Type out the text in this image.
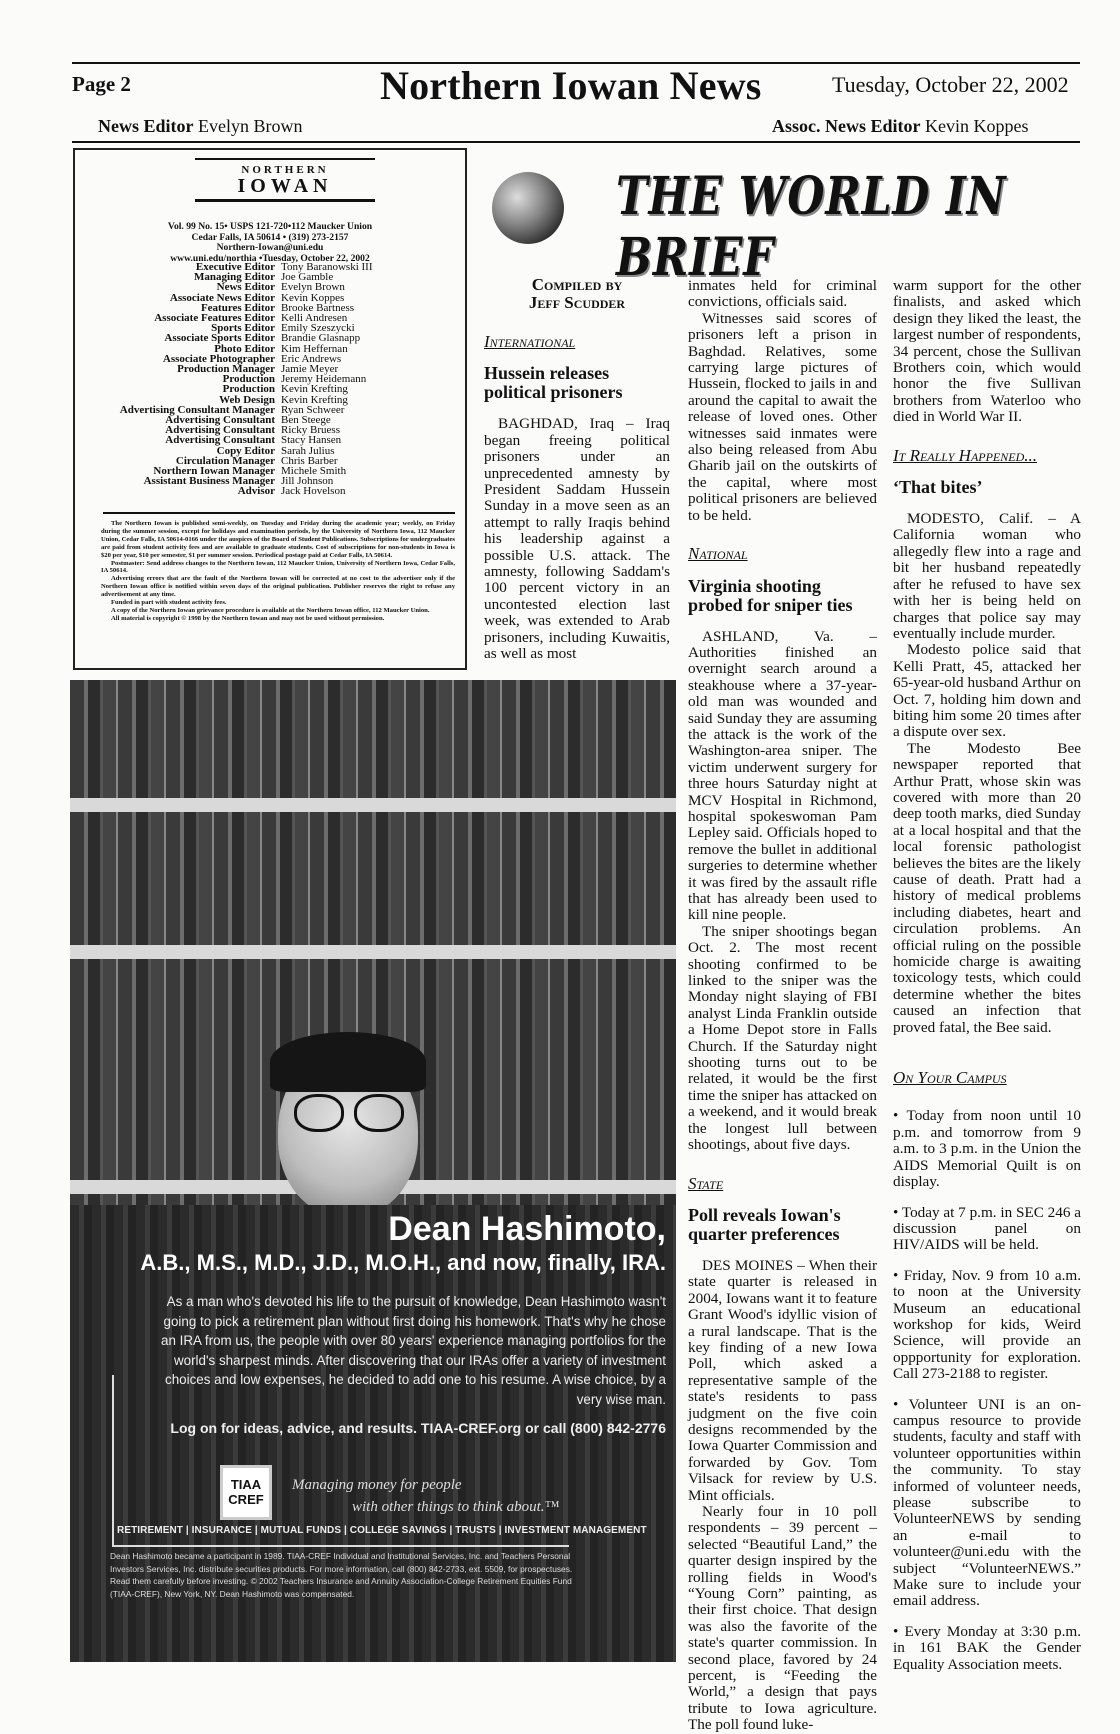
Page 2	Northern Iowan News	Tuesday, October 22, 2002
News Editor Evelyn Brown	Assoc. News Editor Kevin Koppes
NORTHERN
IOWAN
Vol. 99 No. 15• USPS 121-720•112 Maucker Union
Cedar Falls, IA 50614 • (319) 273-2157
Northern-Iowan@uni.edu
www.uni.edu/northia •Tuesday, October 22, 2002
Executive Editor Tony Baranowski III
Managing Editor Joe Gamble
News Editor Evelyn Brown
Associate News Editor Kevin Koppes
Features Editor Brooke Bartness
Associate Features Editor Kelli Andresen
Sports Editor Emily Szeszycki
Associate Sports Editor Brandie Glasnapp
Photo Editor Kim Heffernan
Associate Photographer Eric Andrews
Production Manager Jamie Meyer
Production Jeremy Heidemann
Production Kevin Krefting
Web Design Kevin Krefting
Advertising Consultant Manager Ryan Schweer
Advertising Consultant Ben Steege
Advertising Consultant Ricky Bruess
Advertising Consultant Stacy Hansen
Copy Editor Sarah Julius
Circulation Manager Chris Barber
Northern Iowan Manager Michele Smith
Assistant Business Manager Jill Johnson
Advisor Jack Hovelson

The Northern Iowan is published semi-weekly, on Tuesday and Friday during the academic year; weekly, on Friday during the summer session, except for holidays and examination periods, by the University of Northern Iowa, 112 Maucker Union, Cedar Falls, IA 50614-0166 under the auspices of the Board of Student Publications. Subscriptions for undergraduates are paid from student activity fees and are available to graduate students. Cost of subscriptions for non-students in Iowa is $20 per year, $10 per semester, $1 per summer session. Periodical postage paid at Cedar Falls, IA 50614.

Postmaster: Send address changes to the Northern Iowan, 112 Maucker Union, University of Northern Iowa, Cedar Falls, IA 50614.

Advertising errors that are the fault of the Northern Iowan will be corrected at no cost to the advertiser only if the Northern Iowan office is notified within seven days of the original publication. Publisher reserves the right to refuse any advertisement at any time.

Funded in part with student activity fees.

A copy of the Northern Iowan grievance procedure is available at the Northern Iowan office, 112 Maucker Union.

All material is copyright © 1998 by the Northern Iowan and may not be used without permission.

THE WORLD IN BRIEF
Compiled by
Jeff Scudder
International
Hussein releases political prisoners

BAGHDAD, Iraq – Iraq began freeing political prisoners under an unprecedented amnesty by President Saddam Hussein Sunday in a move seen as an attempt to rally Iraqis behind his leadership against a possible U.S. attack. The amnesty, following Saddam's 100 percent victory in an uncontested election last week, was extended to Arab prisoners, including Kuwaitis, as well as most

inmates held for criminal convictions, officials said.

Witnesses said scores of prisoners left a prison in Baghdad. Relatives, some carrying large pictures of Hussein, flocked to jails in and around the capital to await the release of loved ones. Other witnesses said inmates were also being released from Abu Gharib jail on the outskirts of the capital, where most political prisoners are believed to be held.

National
Virginia shooting probed for sniper ties

ASHLAND, Va. – Authorities finished an overnight search around a steakhouse where a 37-year-old man was wounded and said Sunday they are assuming the attack is the work of the Washington-area sniper. The victim underwent surgery for three hours Saturday night at MCV Hospital in Richmond, hospital spokeswoman Pam Lepley said. Officials hoped to remove the bullet in additional surgeries to determine whether it was fired by the assault rifle that has already been used to kill nine people.

The sniper shootings began Oct. 2. The most recent shooting confirmed to be linked to the sniper was the Monday night slaying of FBI analyst Linda Franklin outside a Home Depot store in Falls Church. If the Saturday night shooting turns out to be related, it would be the first time the sniper has attacked on a weekend, and it would break the longest lull between shootings, about five days.

State
Poll reveals Iowan's quarter preferences

DES MOINES – When their state quarter is released in 2004, Iowans want it to feature Grant Wood's idyllic vision of a rural landscape. That is the key finding of a new Iowa Poll, which asked a representative sample of the state's residents to pass judgment on the five coin designs recommended by the Iowa Quarter Commission and forwarded by Gov. Tom Vilsack for review by U.S. Mint officials.

Nearly four in 10 poll respondents – 39 percent – selected “Beautiful Land,” the quarter design inspired by the rolling fields in Wood's “Young Corn” painting, as their first choice. That design was also the favorite of the state's quarter commission. In second place, favored by 24 percent, is “Feeding the World,” a design that pays tribute to Iowa agriculture. The poll found luke-

warm support for the other finalists, and asked which design they liked the least, the largest number of respondents, 34 percent, chose the Sullivan Brothers coin, which would honor the five Sullivan brothers from Waterloo who died in World War II.

It Really Happened...
‘That bites’

MODESTO, Calif. – A California woman who allegedly flew into a rage and bit her husband repeatedly after he refused to have sex with her is being held on charges that police say may eventually include murder.

Modesto police said that Kelli Pratt, 45, attacked her 65-year-old husband Arthur on Oct. 7, holding him down and biting him some 20 times after a dispute over sex.

The Modesto Bee newspaper reported that Arthur Pratt, whose skin was covered with more than 20 deep tooth marks, died Sunday at a local hospital and that the local forensic pathologist believes the bites are the likely cause of death. Pratt had a history of medical problems including diabetes, heart and circulation problems. An official ruling on the possible homicide charge is awaiting toxicology tests, which could determine whether the bites caused an infection that proved fatal, the Bee said.

On Your Campus

• Today from noon until 10 p.m. and tomorrow from 9 a.m. to 3 p.m. in the Union the AIDS Memorial Quilt is on display.

• Today at 7 p.m. in SEC 246 a discussion panel on HIV/AIDS will be held.

• Friday, Nov. 9 from 10 a.m. to noon at the University Museum an educational workshop for kids, Weird Science, will provide an oppportunity for exploration. Call 273-2188 to register.

• Volunteer UNI is an on-campus resource to provide students, faculty and staff with volunteer opportunities within the community. To stay informed of volunteer needs, please subscribe to VolunteerNEWS by sending an e-mail to volunteer@uni.edu with the subject “VolunteerNEWS.” Make sure to include your email address.

• Every Monday at 3:30 p.m. in 161 BAK the Gender Equality Association meets.

Dean Hashimoto,
A.B., M.S., M.D., J.D., M.O.H., and now, finally, IRA.
As a man who's devoted his life to the pursuit of knowledge, Dean Hashimoto wasn't going to pick a retirement plan without first doing his homework. That's why he chose an IRA from us, the people with over 80 years' experience managing portfolios for the world's sharpest minds. After discovering that our IRAs offer a variety of investment choices and low expenses, he decided to add one to his resume. A wise choice, by a very wise man.
Log on for ideas, advice, and results. TIAA-CREF.org or call (800) 842-2776
TIAA
CREF
Managing money for people
with other things to think about.™
RETIREMENT | INSURANCE | MUTUAL FUNDS | COLLEGE SAVINGS | TRUSTS | INVESTMENT MANAGEMENT
Dean Hashimoto became a participant in 1989. TIAA-CREF Individual and Institutional Services, Inc. and Teachers Personal Investors Services, Inc. distribute securities products. For more information, call (800) 842-2733, ext. 5509, for prospectuses. Read them carefully before investing. © 2002 Teachers Insurance and Annuity Association-College Retirement Equities Fund (TIAA-CREF), New York, NY. Dean Hashimoto was compensated.
